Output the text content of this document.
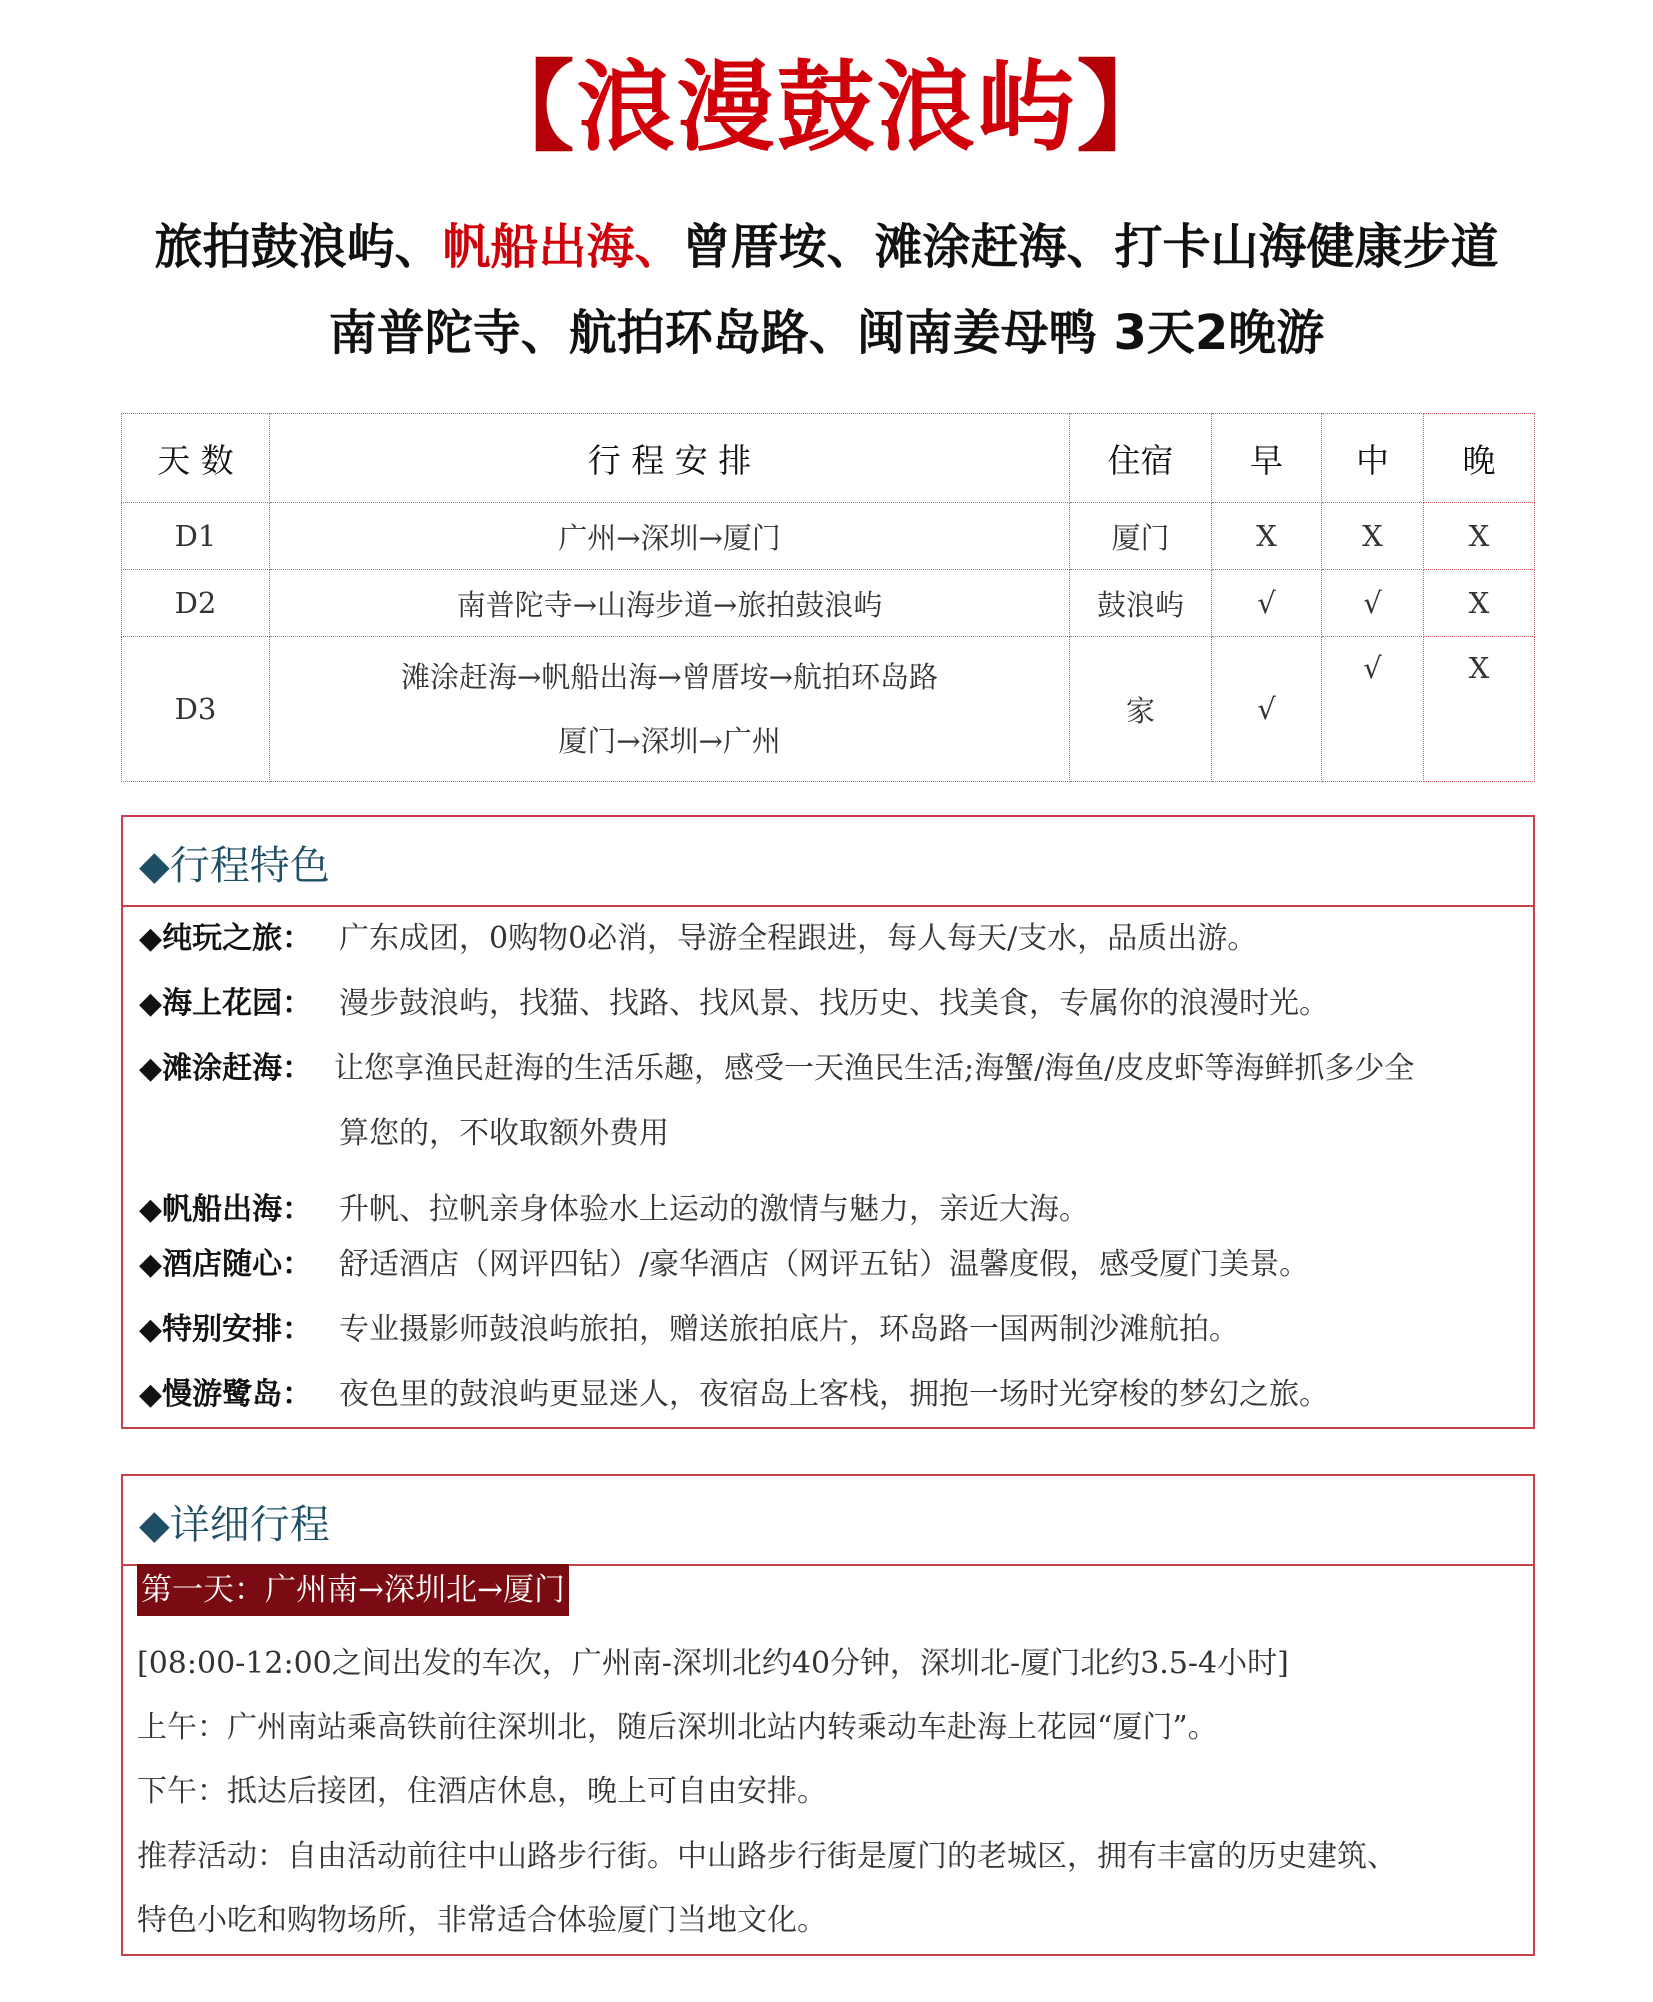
【浪漫鼓浪屿】
旅拍鼓浪屿、帆船出海、曾厝垵、滩涂赶海、打卡山海健康步道
南普陀寺、航拍环岛路、闽南姜母鸭 3天2晚游
天 数	行 程 安 排	住宿	早	中	晚
D1	广州→深圳→厦门	厦门	X	X	X
D2	南普陀寺→山海步道→旅拍鼓浪屿	鼓浪屿	√	√	X
D3	滩涂赶海→帆船出海→曾厝垵→航拍环岛路
厦门→深圳→广州	家	√	√	X
◆行程特色
◆纯玩之旅： 广东成团，0购物0必消，导游全程跟进，每人每天/支水，品质出游。
◆海上花园： 漫步鼓浪屿，找猫、找路、找风景、找历史、找美食，专属你的浪漫时光。
◆滩涂赶海： 让您享渔民赶海的生活乐趣，感受一天渔民生活;海蟹/海鱼/皮皮虾等海鲜抓多少全
算您的，不收取额外费用
◆帆船出海： 升帆、拉帆亲身体验水上运动的激情与魅力，亲近大海。
◆酒店随心： 舒适酒店（网评四钻）/豪华酒店（网评五钻）温馨度假，感受厦门美景。
◆特别安排： 专业摄影师鼓浪屿旅拍，赠送旅拍底片，环岛路一国两制沙滩航拍。
◆慢游鹭岛： 夜色里的鼓浪屿更显迷人，夜宿岛上客栈，拥抱一场时光穿梭的梦幻之旅。
◆详细行程
第一天：广州南→深圳北→厦门
[08:00-12:00之间出发的车次，广州南-深圳北约40分钟，深圳北-厦门北约3.5-4小时]
上午：广州南站乘高铁前往深圳北，随后深圳北站内转乘动车赴海上花园“厦门”。
下午：抵达后接团，住酒店休息，晚上可自由安排。
推荐活动：自由活动前往中山路步行街。中山路步行街是厦门的老城区，拥有丰富的历史建筑、
特色小吃和购物场所，非常适合体验厦门当地文化。
